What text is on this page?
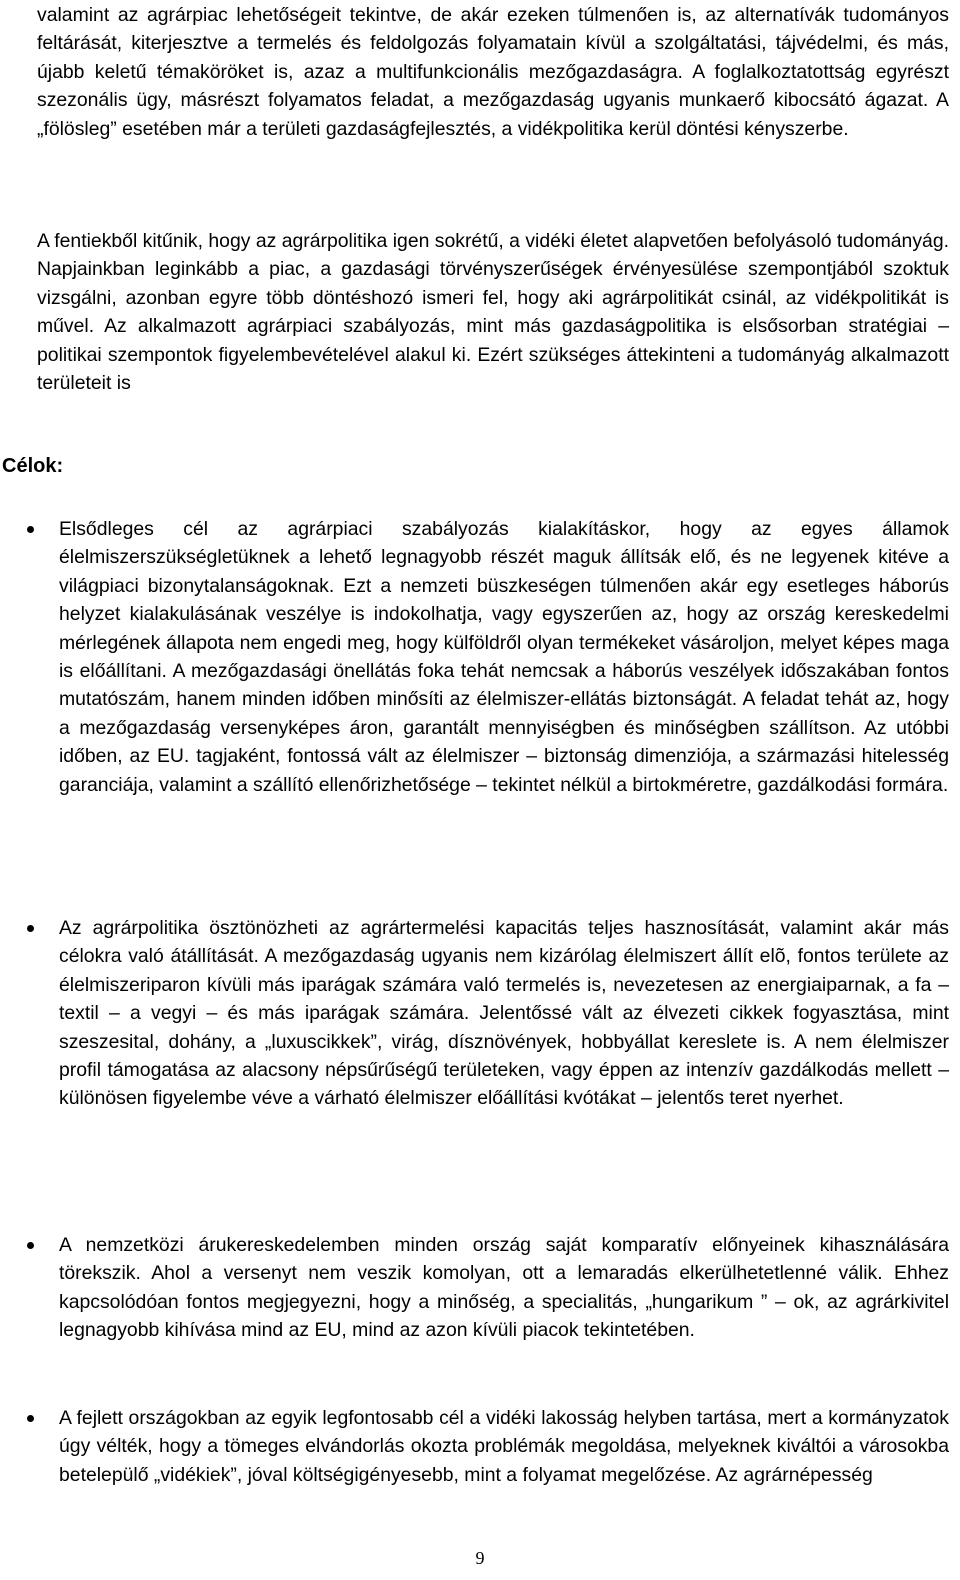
valamint az agrárpiac lehetőségeit tekintve, de akár ezeken túlmenően is, az alternatívák tudományos feltárását, kiterjesztve a termelés és feldolgozás folyamatain kívül a szolgáltatási, tájvédelmi, és más, újabb keletű témaköröket is, azaz a multifunkcionális mezőgazdaságra. A foglalkoztatottság egyrészt szezonális ügy, másrészt folyamatos feladat, a mezőgazdaság ugyanis munkaerő kibocsátó ágazat. A „fölösleg” esetében már a területi gazdaságfejlesztés, a vidékpolitika kerül döntési kényszerbe.

A fentiekből kitűnik, hogy az agrárpolitika igen sokrétű, a vidéki életet alapvetően befolyásoló tudományág. Napjainkban leginkább a piac, a gazdasági törvényszerűségek érvényesülése szempontjából szoktuk vizsgálni, azonban egyre több döntéshozó ismeri fel, hogy aki agrárpolitikát csinál, az vidékpolitikát is művel. Az alkalmazott agrárpiaci szabályozás, mint más gazdaságpolitika is elsősorban stratégiai – politikai szempontok figyelembevételével alakul ki. Ezért szükséges áttekinteni a tudományág alkalmazott területeit is

Célok:

Elsődleges cél az agrárpiaci szabályozás kialakításkor, hogy az egyes államok élelmiszerszükségletüknek a lehető legnagyobb részét maguk állítsák elő, és ne legyenek kitéve a világpiaci bizonytalanságoknak. Ezt a nemzeti büszkeségen túlmenően akár egy esetleges háborús helyzet kialakulásának veszélye is indokolhatja, vagy egyszerűen az, hogy az ország kereskedelmi mérlegének állapota nem engedi meg, hogy külföldről olyan termékeket vásároljon, melyet képes maga is előállítani. A mezőgazdasági önellátás foka tehát nemcsak a háborús veszélyek időszakában fontos mutatószám, hanem minden időben minősíti az élelmiszer-ellátás biztonságát. A feladat tehát az, hogy a mezőgazdaság versenyképes áron, garantált mennyiségben és minőségben szállítson. Az utóbbi időben, az EU. tagjaként, fontossá vált az élelmiszer – biztonság dimenziója, a származási hitelesség garanciája, valamint a szállító ellenőrizhetősége – tekintet nélkül a birtokméretre, gazdálkodási formára.

Az agrárpolitika ösztönözheti az agrártermelési kapacitás teljes hasznosítását, valamint akár más célokra való átállítását. A mezőgazdaság ugyanis nem kizárólag élelmiszert állít elõ, fontos területe az élelmiszeriparon kívüli más iparágak számára való termelés is, nevezetesen az energiaiparnak, a fa – textil – a vegyi – és más iparágak számára. Jelentőssé vált az élvezeti cikkek fogyasztása, mint szeszesital, dohány, a „luxuscikkek”, virág, dísznövények, hobbyállat kereslete is. A nem élelmiszer profil támogatása az alacsony népsűrűségű területeken, vagy éppen az intenzív gazdálkodás mellett – különösen figyelembe véve a várható élelmiszer előállítási kvótákat – jelentős teret nyerhet.

A nemzetközi árukereskedelemben minden ország saját komparatív előnyeinek kihasználására törekszik. Ahol a versenyt nem veszik komolyan, ott a lemaradás elkerülhetetlenné válik. Ehhez kapcsolódóan fontos megjegyezni, hogy a minőség, a specialitás, „hungarikum ” – ok, az agrárkivitel legnagyobb kihívása mind az EU, mind az azon kívüli piacok tekintetében.

A fejlett országokban az egyik legfontosabb cél a vidéki lakosság helyben tartása, mert a kormányzatok úgy vélték, hogy a tömeges elvándorlás okozta problémák megoldása, melyeknek kiváltói a városokba betelepülő „vidékiek”, jóval költségigényesebb, mint a folyamat megelőzése. Az agrárnépesség

9
